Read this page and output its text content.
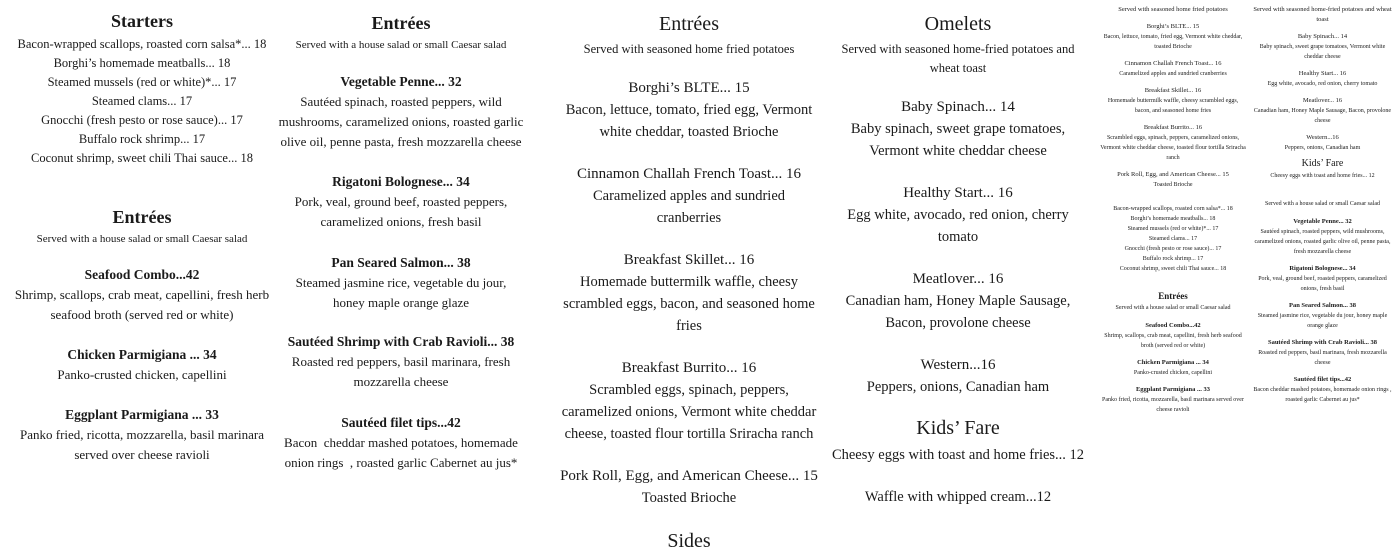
Starters

Bacon-wrapped scallops, roasted corn salsa*... 18

Borghi’s homemade meatballs... 18

Steamed mussels (red or white)*... 17

Steamed clams... 17

Gnocchi (fresh pesto or rose sauce)... 17

Buffalo rock shrimp... 17

Coconut shrimp, sweet chili Thai sauce... 18

Entrées

Served with a house salad or small Caesar salad

Seafood Combo...42

Shrimp, scallops, crab meat, capellini, fresh herb seafood broth (served red or white)

Chicken Parmigiana ... 34

Panko-crusted chicken, capellini

Eggplant Parmigiana ... 33

Panko fried, ricotta, mozzarella, basil marinara served over cheese ravioli

Entrées

Served with a house salad or small Caesar salad

Vegetable Penne... 32

Sautéed spinach, roasted peppers, wild mushrooms, caramelized onions, roasted garlic olive oil, penne pasta, fresh mozzarella cheese

Rigatoni Bolognese... 34

Pork, veal, ground beef, roasted peppers, caramelized onions, fresh basil

Pan Seared Salmon... 38

Steamed jasmine rice, vegetable du jour, honey maple orange glaze

Sautéed Shrimp with Crab Ravioli... 38

Roasted red peppers, basil marinara, fresh mozzarella cheese

Sautéed filet tips...42

Bacon  cheddar mashed potatoes, homemade onion rings  , roasted garlic Cabernet au jus*

Entrées

Served with seasoned home fried potatoes

Borghi’s BLTE... 15

Bacon, lettuce, tomato, fried egg, Vermont white cheddar, toasted Brioche

Cinnamon Challah French Toast... 16

Caramelized apples and sundried cranberries

Breakfast Skillet... 16

Homemade buttermilk waffle, cheesy scrambled eggs, bacon, and seasoned home fries

Breakfast Burrito... 16

Scrambled eggs, spinach, peppers, caramelized onions, Vermont white cheddar cheese, toasted flour tortilla Sriracha ranch

Pork Roll, Egg, and American Cheese... 15

Toasted Brioche

Sides

Omelets

Served with seasoned home-fried potatoes and wheat toast

Baby Spinach... 14

Baby spinach, sweet grape tomatoes, Vermont white cheddar cheese

Healthy Start... 16

Egg white, avocado, red onion, cherry tomato

Meatlover... 16

Canadian ham, Honey Maple Sausage, Bacon, provolone cheese

Western...16

Peppers, onions, Canadian ham

Kids’ Fare

Cheesy eggs with toast and home fries... 12

Waffle with whipped cream...12

Served with seasoned home fried potatoes

Borghi’s BLTE... 15

Bacon, lettuce, tomato, fried egg, Vermont white cheddar, toasted Brioche

Cinnamon Challah French Toast... 16

Caramelized apples and sundried cranberries

Breakfast Skillet... 16

Homemade buttermilk waffle, cheesy scrambled eggs, bacon, and seasoned home fries

Breakfast Burrito... 16

Scrambled eggs, spinach, peppers, caramelized onions, Vermont white cheddar cheese, toasted flour tortilla Sriracha ranch

Pork Roll, Egg, and American Cheese... 15

Toasted Brioche

Bacon-wrapped scallops, roasted corn salsa*... 18

Borghi’s homemade meatballs... 18

Steamed mussels (red or white)*... 17

Steamed clams... 17

Gnocchi (fresh pesto or rose sauce)... 17

Buffalo rock shrimp... 17

Coconut shrimp, sweet chili Thai sauce... 18

Entrées

Served with a house salad or small Caesar salad

Seafood Combo...42

Shrimp, scallops, crab meat, capellini, fresh herb seafood broth (served red or white)

Chicken Parmigiana ... 34

Panko-crusted chicken, capellini

Eggplant Parmigiana ... 33

Panko fried, ricotta, mozzarella, basil marinara served over cheese ravioli

Served with seasoned home-fried potatoes and wheat toast

Baby Spinach... 14

Baby spinach, sweet grape tomatoes, Vermont white cheddar cheese

Healthy Start... 16

Egg white, avocado, red onion, cherry tomato

Meatlover... 16

Canadian ham, Honey Maple Sausage, Bacon, provolone cheese

Western...16

Peppers, onions, Canadian ham

Kids’ Fare

Cheesy eggs with toast and home fries... 12

Served with a house salad or small Caesar salad

Vegetable Penne... 32

Sautéed spinach, roasted peppers, wild mushrooms, caramelized onions, roasted garlic olive oil, penne pasta, fresh mozzarella cheese

Rigatoni Bolognese... 34

Pork, veal, ground beef, roasted peppers, caramelized onions, fresh basil

Pan Seared Salmon... 38

Steamed jasmine rice, vegetable du jour, honey maple orange glaze

Sautéed Shrimp with Crab Ravioli... 38

Roasted red peppers, basil marinara, fresh mozzarella cheese

Sautéed filet tips...42

Bacon cheddar mashed potatoes, homemade onion rings , roasted garlic Cabernet au jus*
